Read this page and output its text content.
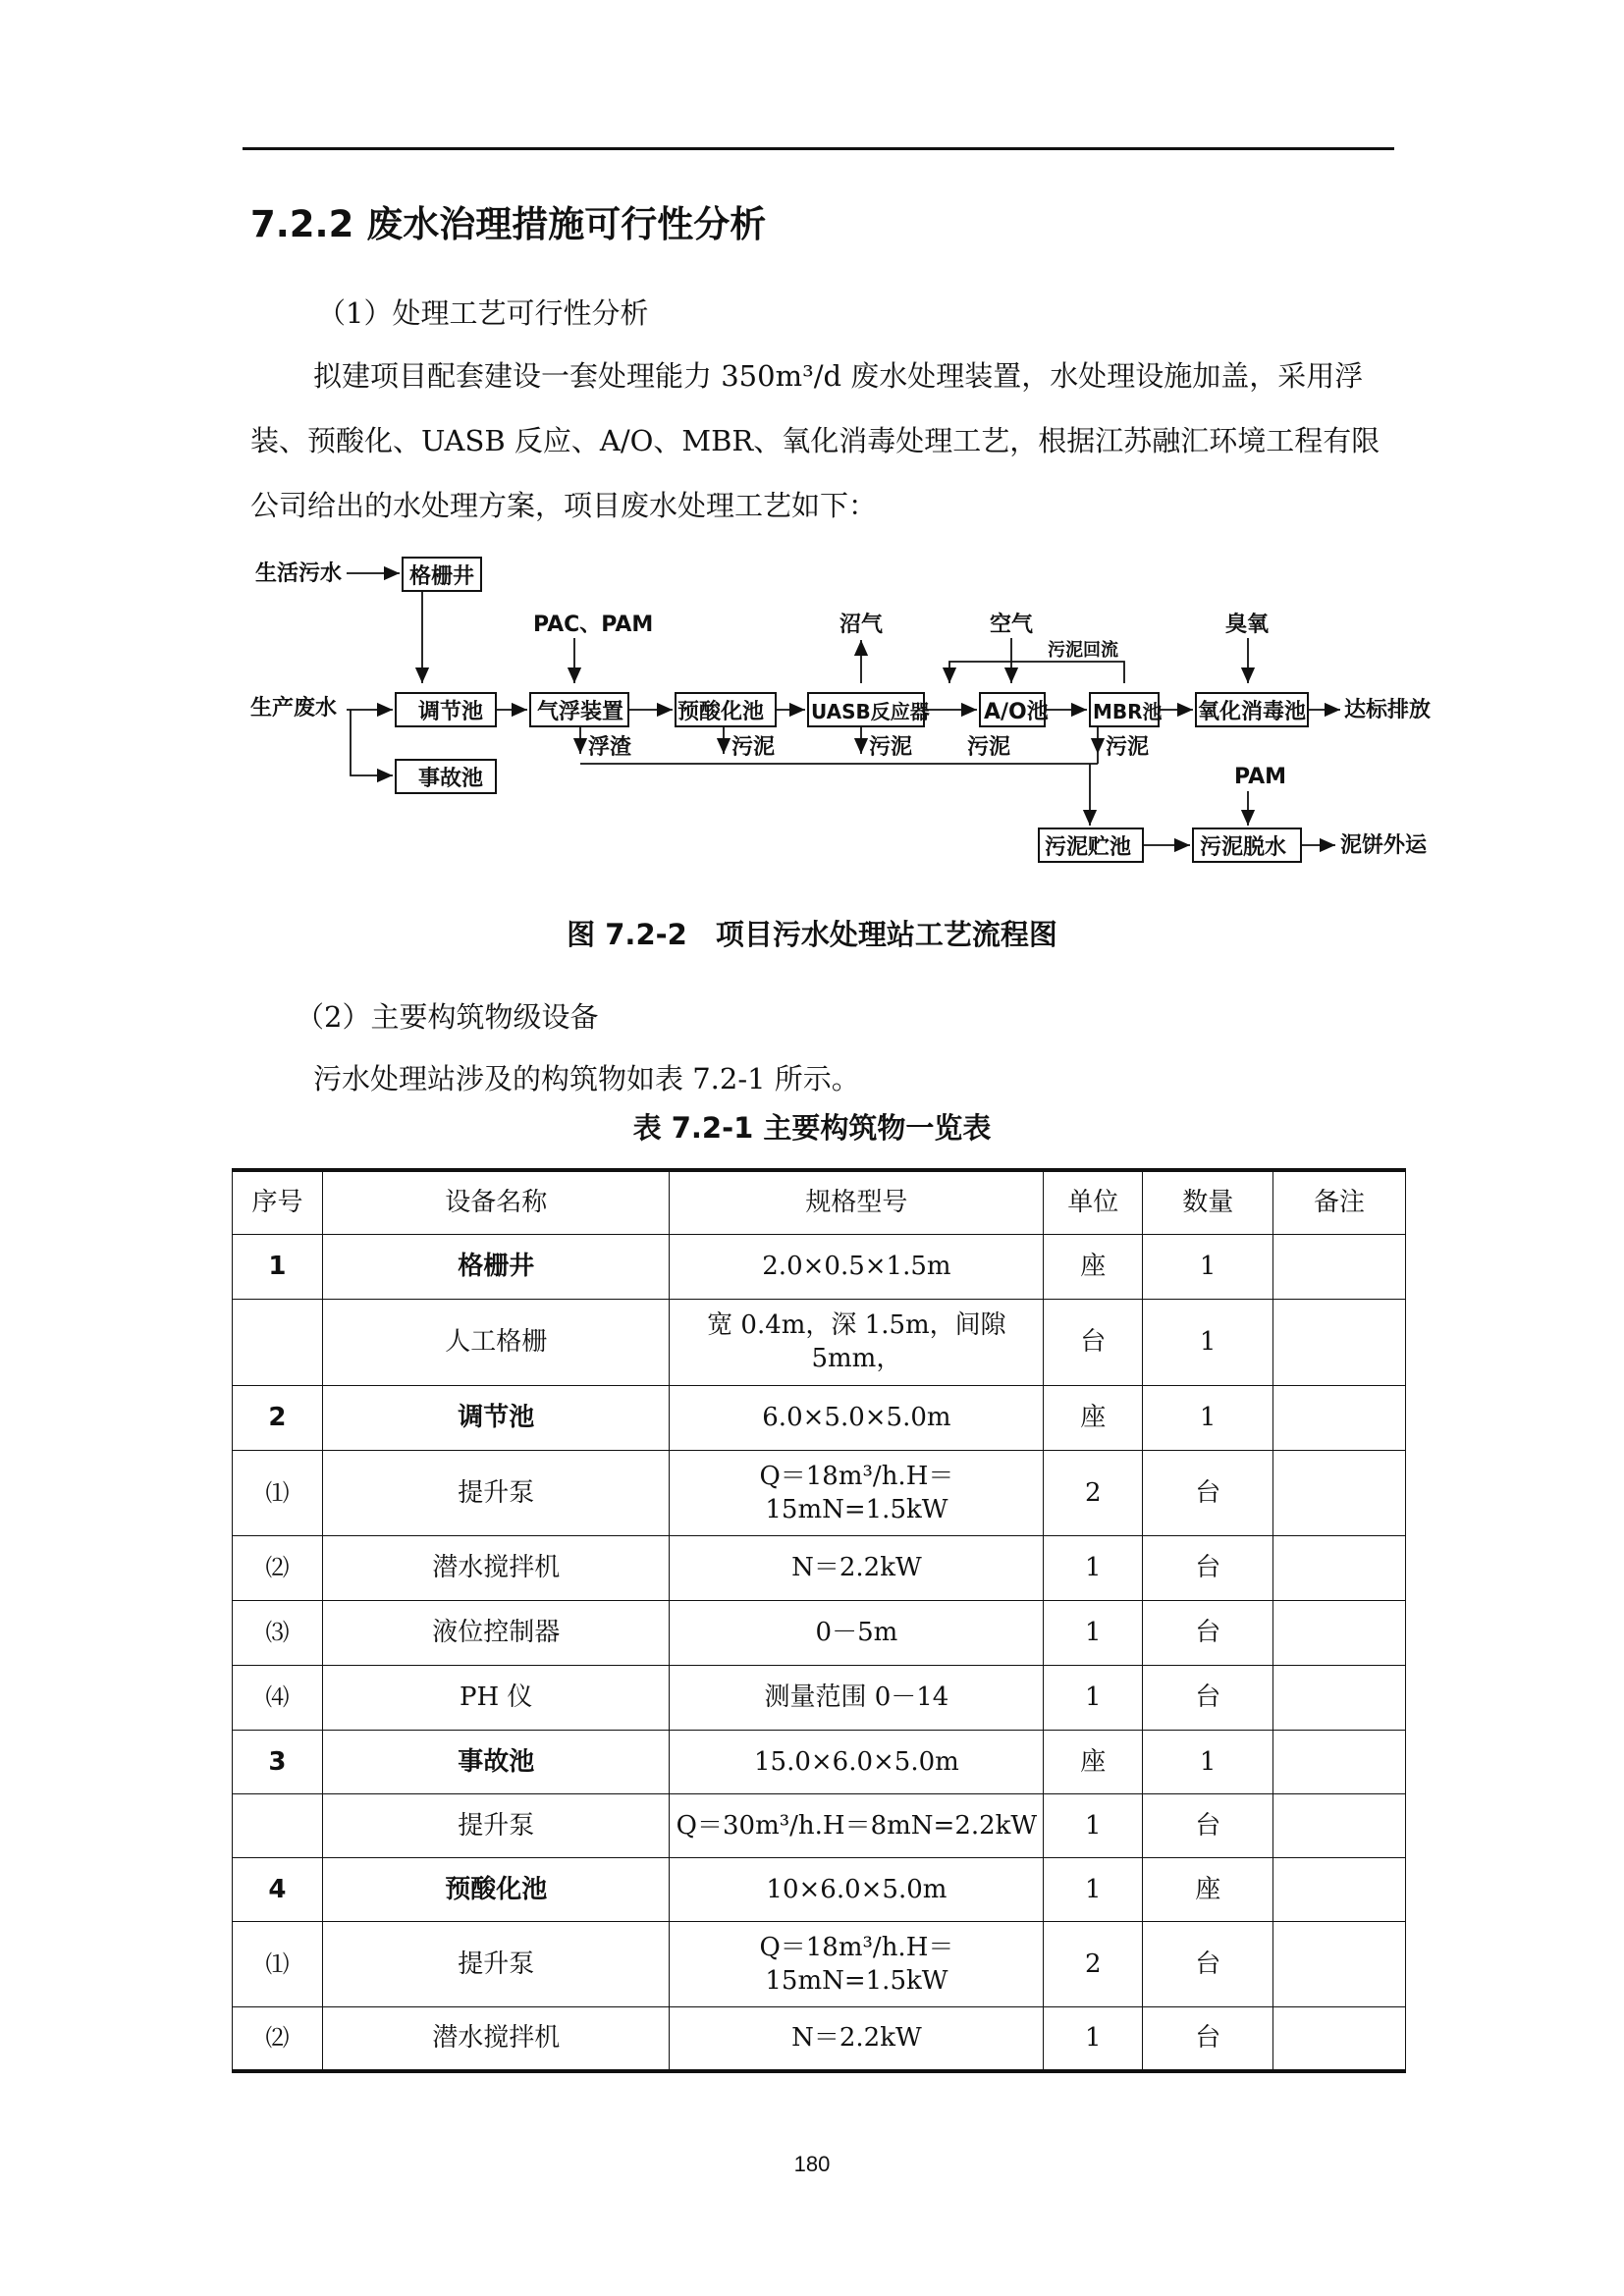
7.2.2 废水治理措施可行性分析

（1）处理工艺可行性分析

拟建项目配套建设一套处理能力 350m³/d 废水处理装置，水处理设施加盖，采用浮装、预酸化、UASB 反应、A/O、MBR、氧化消毒处理工艺，根据江苏融汇环境工程有限公司给出的水处理方案，项目废水处理工艺如下：

生活污水	格栅井
PAC、PAM	沼气	空气
污泥回流
臭氧
生产废水	调节池 气浮装置 预酸化池 UASB反应器	A/O池 MBR池 氧化消毒池 达标排放
事故池
浮渣	污泥	污泥	污泥	污泥
PAM
污泥贮池	污泥脱水 泥饼外运

图 7.2-2　项目污水处理站工艺流程图

（2）主要构筑物级设备

污水处理站涉及的构筑物如表 7.2-1 所示。

表 7.2-1 主要构筑物一览表

序号	设备名称	规格型号	单位	数量	备注
1	格栅井	2.0×0.5×1.5m	座	1	
	人工格栅	宽 0.4m，深 1.5m，间隙 5mm，	台	1	
2	调节池	6.0×5.0×5.0m	座	1	
⑴	提升泵	Q＝18m³/h.H＝15mN=1.5kW	2	台	
⑵	潜水搅拌机	N＝2.2kW	1	台	
⑶	液位控制器	0－5m	1	台	
⑷	PH 仪	测量范围 0－14	1	台	
3	事故池	15.0×6.0×5.0m	座	1	
	提升泵	Q＝30m³/h.H＝8mN=2.2kW	1	台	
4	预酸化池	10×6.0×5.0m	1	座	
⑴	提升泵	Q＝18m³/h.H＝15mN=1.5kW	2	台	
⑵	潜水搅拌机	N＝2.2kW	1	台	
180
